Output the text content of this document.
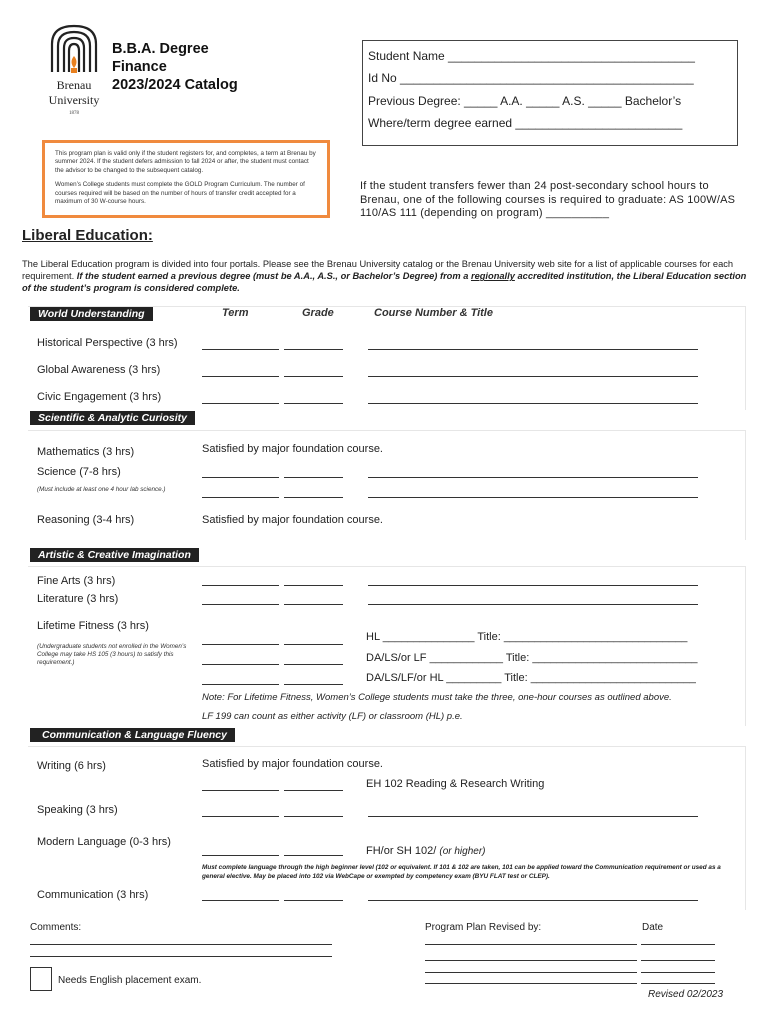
Brenau
University
1878
B.B.A. Degree
Finance
2023/2024 Catalog
Student Name _____________________________________
Id No ____________________________________________
Previous Degree: _____ A.A. _____ A.S. _____ Bachelor’s
Where/term degree earned _________________________

This program plan is valid only if the student registers for, and completes, a term at Brenau by summer 2024. If the student defers admission to fall 2024 or after, the student must contact the advisor to be changed to the subsequent catalog.

Women’s College students must complete the GOLD Program Curriculum. The number of courses required will be based on the number of hours of transfer credit accepted for a maximum of 30 W-course hours.

If the student transfers fewer than 24 post-secondary school hours to Brenau, one of the following courses is required to graduate: AS 100W/AS 110/AS 111 (depending on program) __________
Liberal Education:
The Liberal Education program is divided into four portals. Please see the Brenau University catalog or the Brenau University web site for a list of applicable courses for each requirement. If the student earned a previous degree (must be A.A., A.S., or Bachelor’s Degree) from a regionally accredited institution, the Liberal Education section of the student’s program is considered complete.
World Understanding	Term	Grade	Course Number & Title
Historical Perspective (3 hrs)
Global Awareness (3 hrs)
Civic Engagement (3 hrs)
Scientific & Analytic Curiosity
Mathematics (3 hrs)	Satisfied by major foundation course.
Science (7-8 hrs)
(Must include at least one 4 hour lab science.)
Reasoning (3-4 hrs)	Satisfied by major foundation course.
Artistic & Creative Imagination
Fine Arts (3 hrs)
Literature (3 hrs)
Lifetime Fitness (3 hrs)
(Undergraduate students not enrolled in the Women’s College may take HS 105 (3 hours) to satisfy this requirement.)
HL _______________ Title: ______________________________
DA/LS/or LF ____________ Title: ___________________________
DA/LS/LF/or HL _________ Title: ___________________________
Note: For Lifetime Fitness, Women’s College students must take the three, one-hour courses as outlined above.
LF 199 can count as either activity (LF) or classroom (HL) p.e.
Communication & Language Fluency
Writing (6 hrs)	Satisfied by major foundation course.
EH 102 Reading & Research Writing
Speaking (3 hrs)
Modern Language (0-3 hrs)
FH/or SH 102/ (or higher)
Must complete language through the high beginner level (102 or equivalent. If 101 & 102 are taken, 101 can be applied toward the Communication requirement or used as a general elective. May be placed into 102 via WebCape or exempted by competency exam (BYU FLAT test or CLEP).
Communication (3 hrs)
Comments:	Program Plan Revised by:	Date
Needs English placement exam.
Revised 02/2023
